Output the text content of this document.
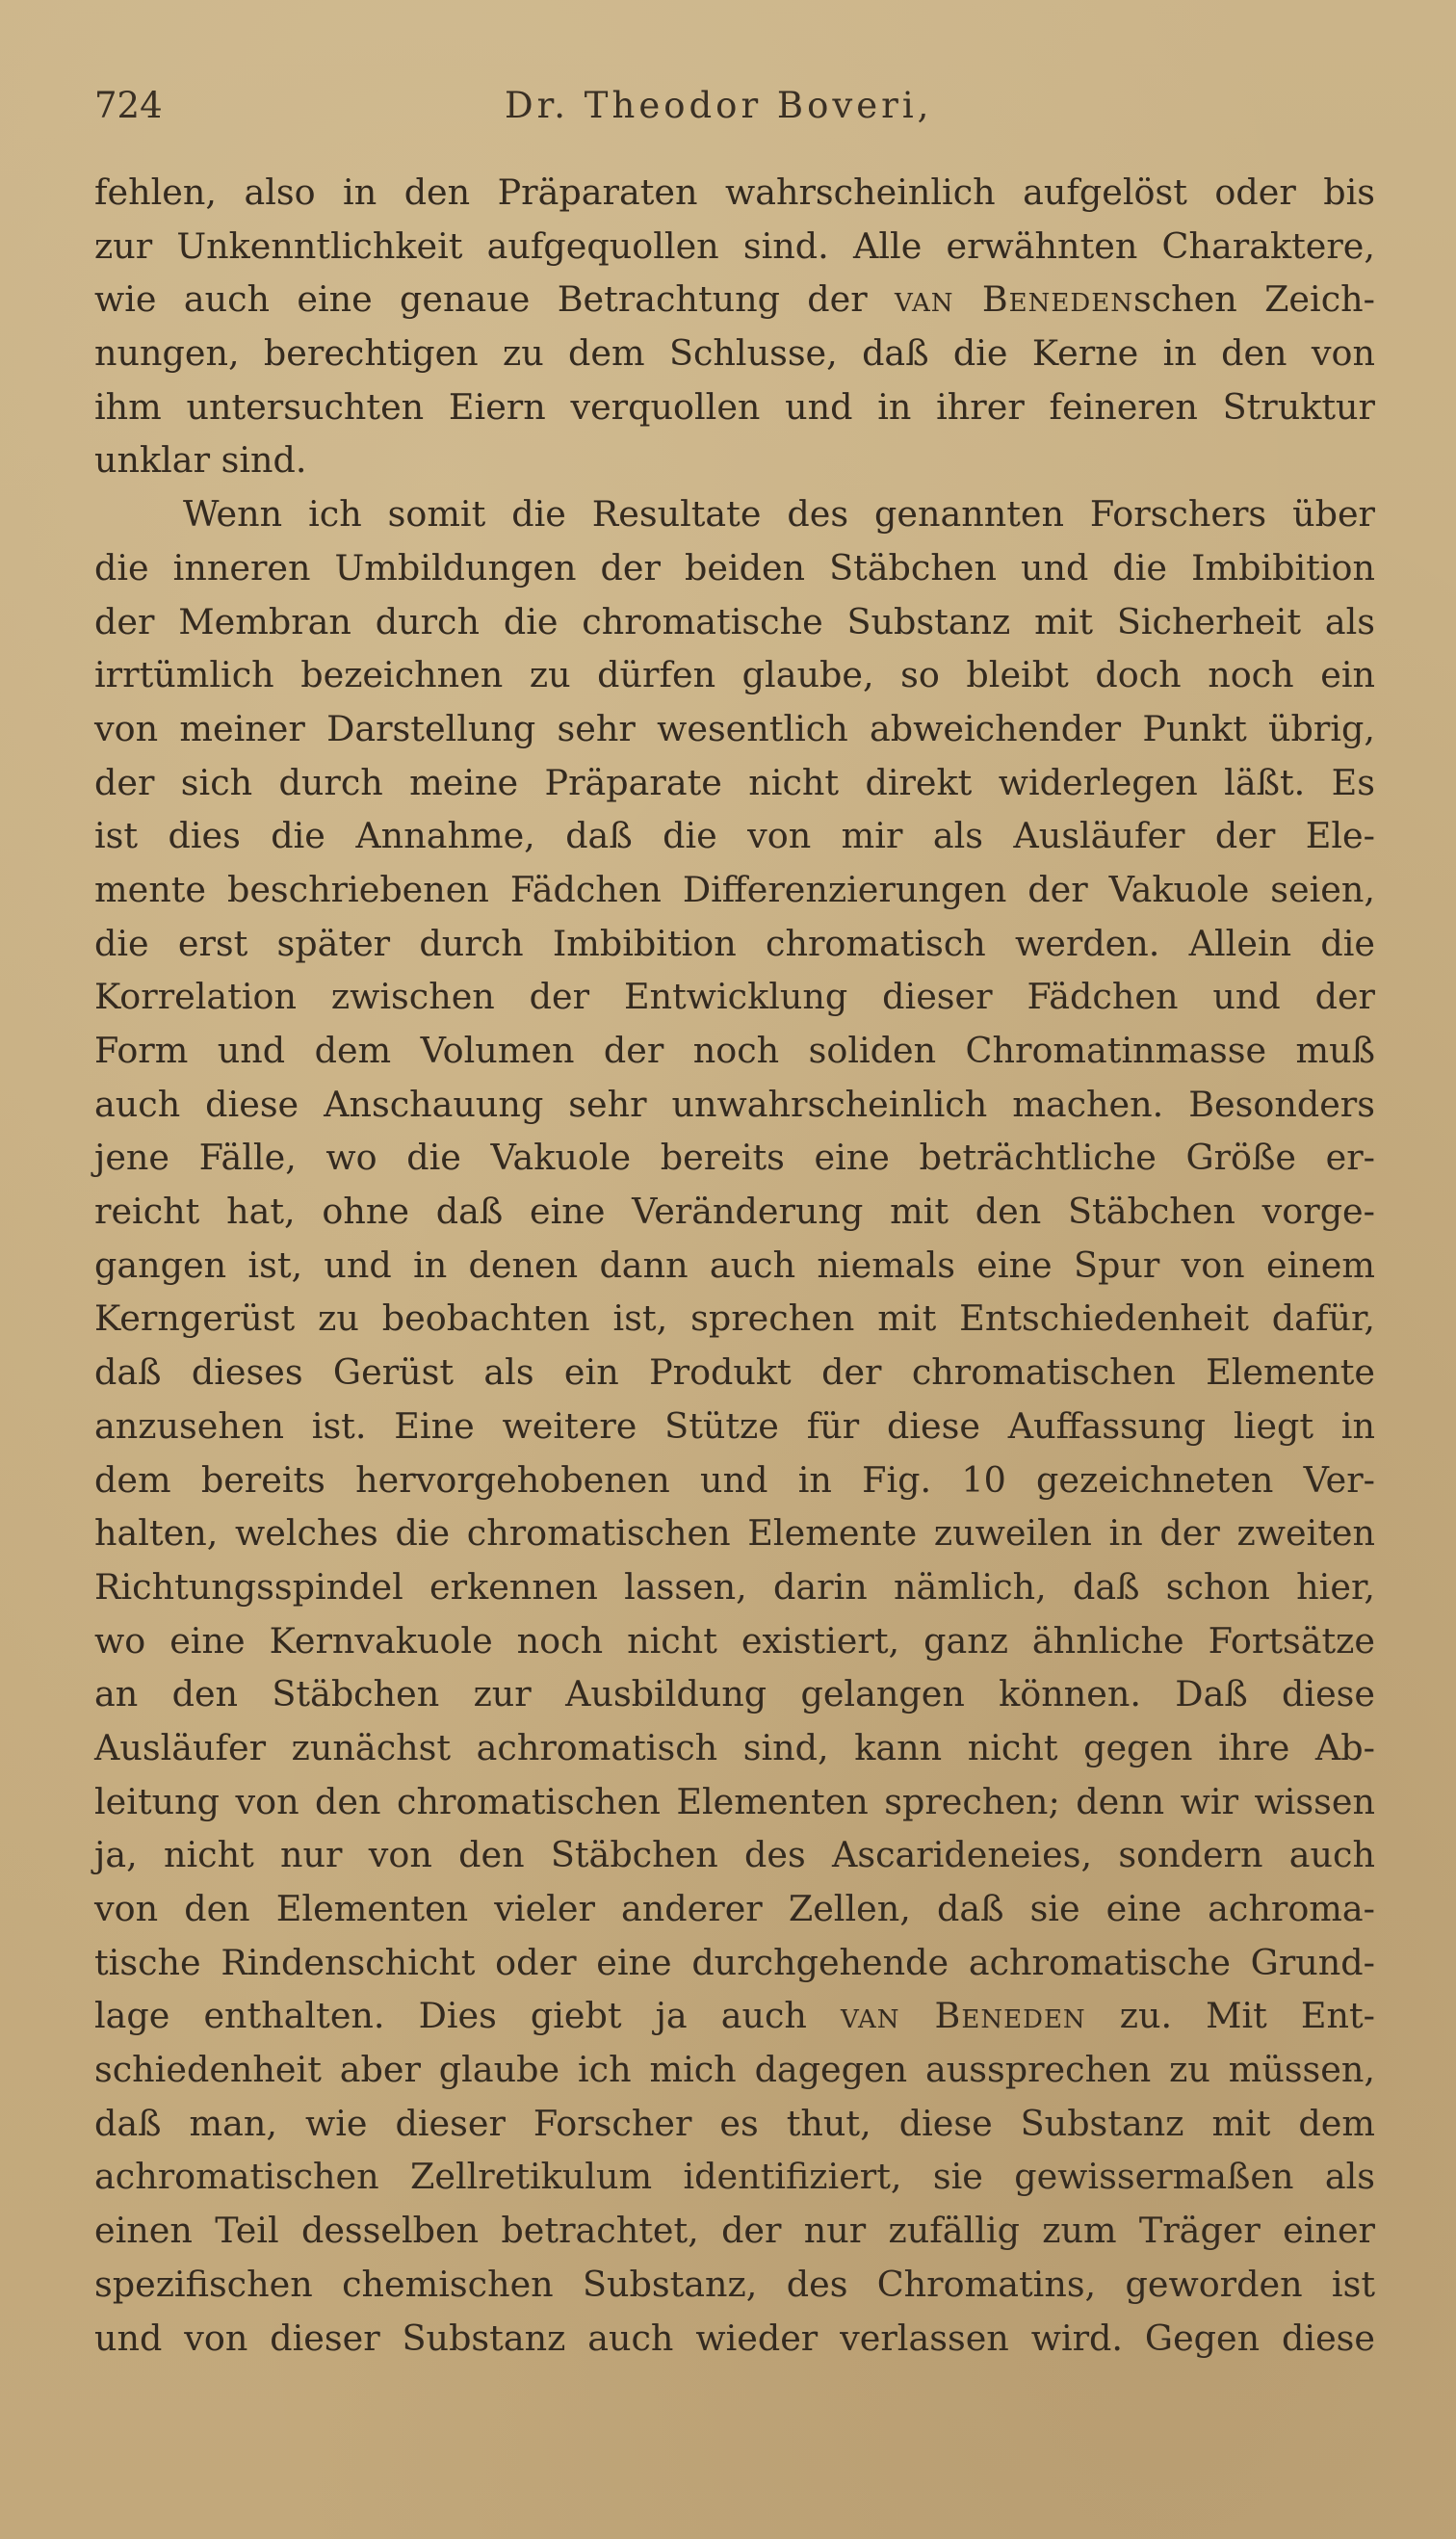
724	Dr. Theodor Boveri,
fehlen, also in den Präparaten wahrscheinlich aufgelöst oder bis
zur Unkenntlichkeit aufgequollen sind. Alle erwähnten Charaktere,
wie auch eine genaue Betrachtung der van Benedenschen Zeich-
nungen, berechtigen zu dem Schlusse, daß die Kerne in den von
ihm untersuchten Eiern verquollen und in ihrer feineren Struktur
unklar sind.
Wenn ich somit die Resultate des genannten Forschers über
die inneren Umbildungen der beiden Stäbchen und die Imbibition
der Membran durch die chromatische Substanz mit Sicherheit als
irrtümlich bezeichnen zu dürfen glaube, so bleibt doch noch ein
von meiner Darstellung sehr wesentlich abweichender Punkt übrig,
der sich durch meine Präparate nicht direkt widerlegen läßt. Es
ist dies die Annahme, daß die von mir als Ausläufer der Ele-
mente beschriebenen Fädchen Differenzierungen der Vakuole seien,
die erst später durch Imbibition chromatisch werden. Allein die
Korrelation zwischen der Entwicklung dieser Fädchen und der
Form und dem Volumen der noch soliden Chromatinmasse muß
auch diese Anschauung sehr unwahrscheinlich machen. Besonders
jene Fälle, wo die Vakuole bereits eine beträchtliche Größe er-
reicht hat, ohne daß eine Veränderung mit den Stäbchen vorge-
gangen ist, und in denen dann auch niemals eine Spur von einem
Kerngerüst zu beobachten ist, sprechen mit Entschiedenheit dafür,
daß dieses Gerüst als ein Produkt der chromatischen Elemente
anzusehen ist. Eine weitere Stütze für diese Auffassung liegt in
dem bereits hervorgehobenen und in Fig. 10 gezeichneten Ver-
halten, welches die chromatischen Elemente zuweilen in der zweiten
Richtungsspindel erkennen lassen, darin nämlich, daß schon hier,
wo eine Kernvakuole noch nicht existiert, ganz ähnliche Fortsätze
an den Stäbchen zur Ausbildung gelangen können. Daß diese
Ausläufer zunächst achromatisch sind, kann nicht gegen ihre Ab-
leitung von den chromatischen Elementen sprechen; denn wir wissen
ja, nicht nur von den Stäbchen des Ascarideneies, sondern auch
von den Elementen vieler anderer Zellen, daß sie eine achroma-
tische Rindenschicht oder eine durchgehende achromatische Grund-
lage enthalten. Dies giebt ja auch van Beneden zu. Mit Ent-
schiedenheit aber glaube ich mich dagegen aussprechen zu müssen,
daß man, wie dieser Forscher es thut, diese Substanz mit dem
achromatischen Zellretikulum identifiziert, sie gewissermaßen als
einen Teil desselben betrachtet, der nur zufällig zum Träger einer
spezifischen chemischen Substanz, des Chromatins, geworden ist
und von dieser Substanz auch wieder verlassen wird. Gegen diese
